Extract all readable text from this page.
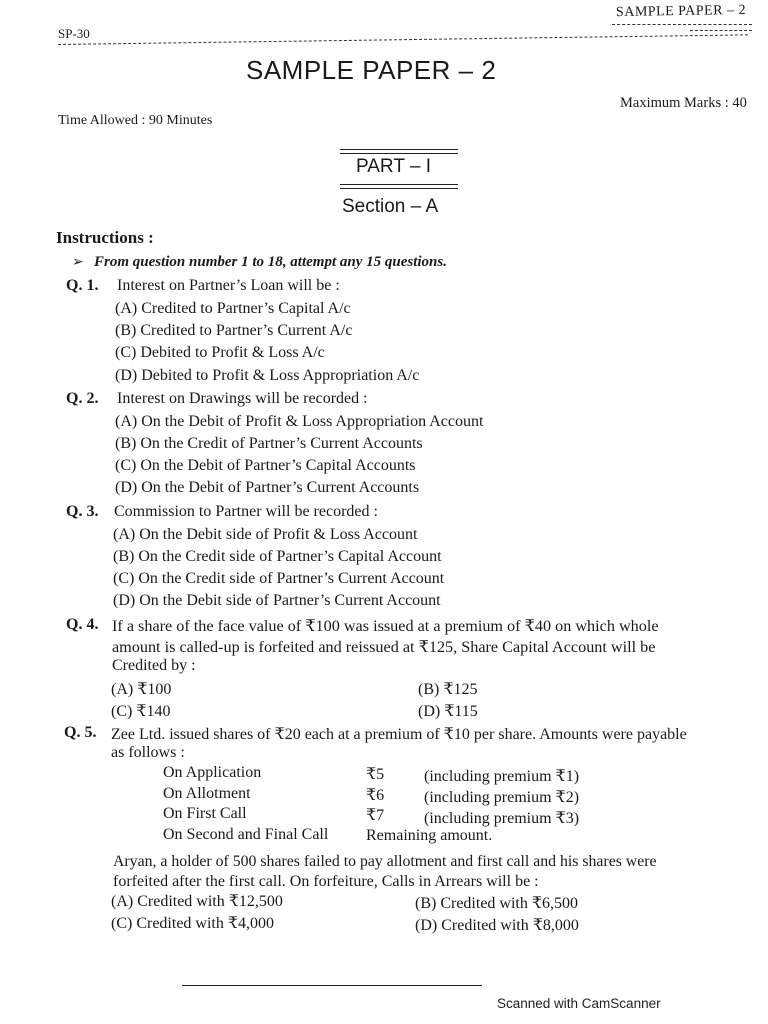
SAMPLE PAPER – 2
SP-30
SAMPLE PAPER – 2
Maximum Marks : 40
Time Allowed : 90 Minutes
PART – I
Section – A
Instructions :
➢ From question number 1 to 18, attempt any 15 questions.
Q. 1. Interest on Partner’s Loan will be :
(A) Credited to Partner’s Capital A/c
(B) Credited to Partner’s Current A/c
(C) Debited to Profit & Loss A/c
(D) Debited to Profit & Loss Appropriation A/c
Q. 2. Interest on Drawings will be recorded :
(A) On the Debit of Profit & Loss Appropriation Account
(B) On the Credit of Partner’s Current Accounts
(C) On the Debit of Partner’s Capital Accounts
(D) On the Debit of Partner’s Current Accounts
Q. 3. Commission to Partner will be recorded :
(A) On the Debit side of Profit & Loss Account
(B) On the Credit side of Partner’s Capital Account
(C) On the Credit side of Partner’s Current Account
(D) On the Debit side of Partner’s Current Account
Q. 4. If a share of the face value of ₹100 was issued at a premium of ₹40 on which whole
amount is called-up is forfeited and reissued at ₹125, Share Capital Account will be
Credited by :
(A) ₹100	(B) ₹125
(C) ₹140	(D) ₹115
Q. 5. Zee Ltd. issued shares of ₹20 each at a premium of ₹10 per share. Amounts were payable
as follows :
On Application	₹5 (including premium ₹1)
On Allotment	₹6 (including premium ₹2)
On First Call	₹7 (including premium ₹3)
On Second and Final Call Remaining amount.
Aryan, a holder of 500 shares failed to pay allotment and first call and his shares were
forfeited after the first call. On forfeiture, Calls in Arrears will be :
(A) Credited with ₹12,500	(B) Credited with ₹6,500
(C) Credited with ₹4,000	(D) Credited with ₹8,000
Scanned with CamScanner
